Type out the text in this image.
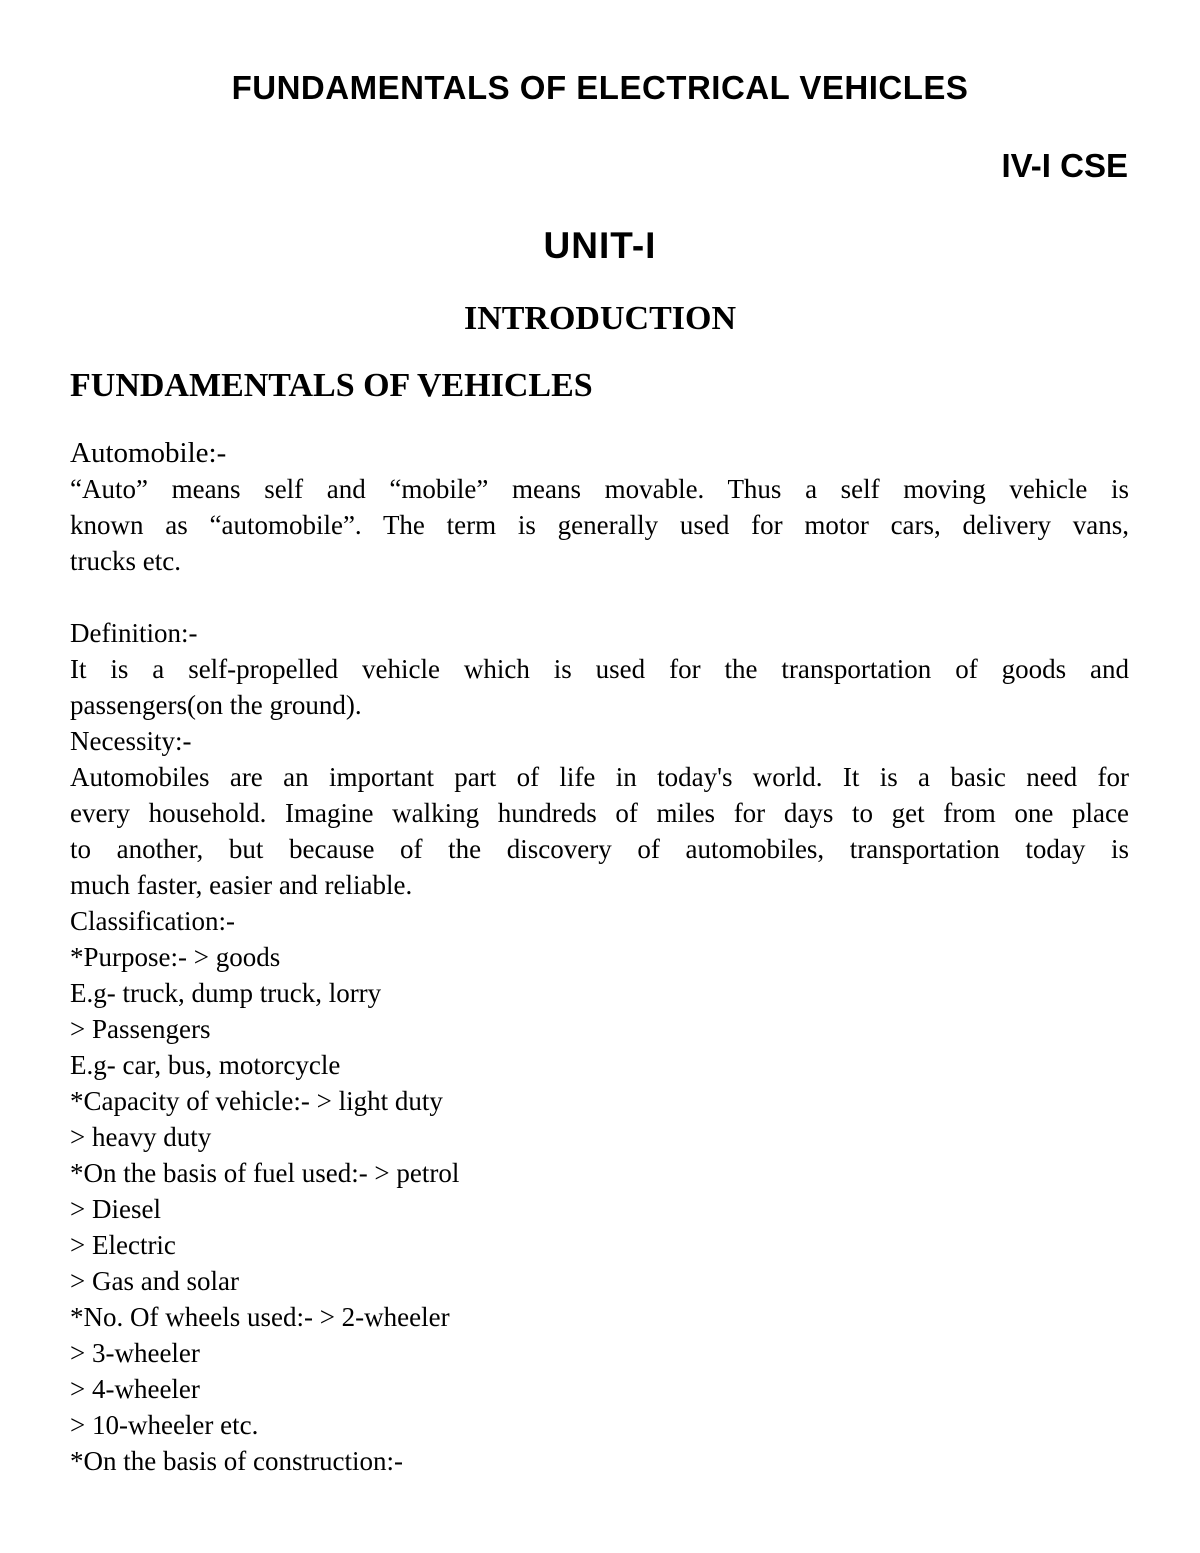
FUNDAMENTALS OF ELECTRICAL VEHICLES
IV-I CSE
UNIT-I
INTRODUCTION
FUNDAMENTALS OF VEHICLES

Automobile:-

“Auto” means self and “mobile” means movable. Thus a self moving vehicle is

known as “automobile”. The term is generally used for motor cars, delivery vans,

trucks etc.

Definition:-

It is a self-propelled vehicle which is used for the transportation of goods and

passengers(on the ground).

Necessity:-

Automobiles are an important part of life in today's world. It is a basic need for

every household. Imagine walking hundreds of miles for days to get from one place

to another, but because of the discovery of automobiles, transportation today is

much faster, easier and reliable.

Classification:-

*Purpose:- > goods

E.g- truck, dump truck, lorry

> Passengers

E.g- car, bus, motorcycle

*Capacity of vehicle:- > light duty

> heavy duty

*On the basis of fuel used:- > petrol

> Diesel

> Electric

> Gas and solar

*No. Of wheels used:- > 2-wheeler

> 3-wheeler

> 4-wheeler

> 10-wheeler etc.

*On the basis of construction:-
